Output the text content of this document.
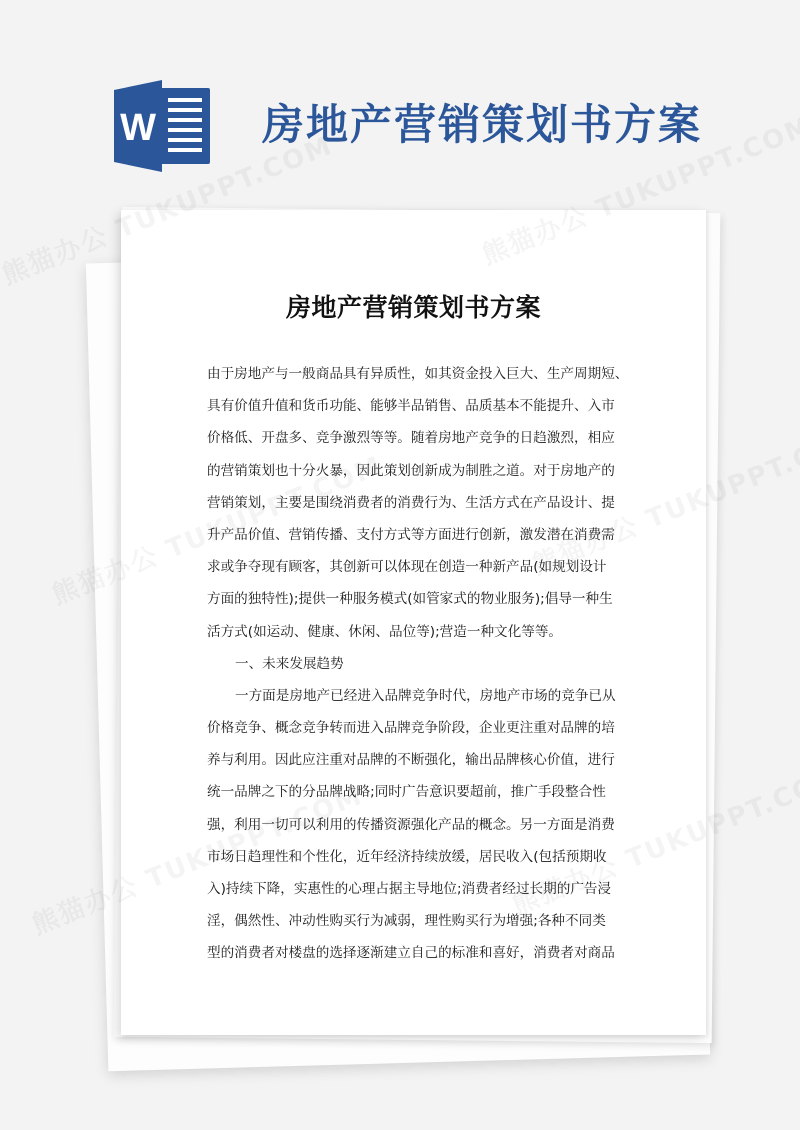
W	房地产营销策划书方案
房地产营销策划书方案
由于房地产与一般商品具有异质性，如其资金投入巨大、生产周期短、
具有价值升值和货币功能、能够半品销售、品质基本不能提升、入市
价格低、开盘多、竞争激烈等等。随着房地产竞争的日趋激烈，相应
的营销策划也十分火暴，因此策划创新成为制胜之道。对于房地产的
营销策划，主要是围绕消费者的消费行为、生活方式在产品设计、提
升产品价值、营销传播、支付方式等方面进行创新，激发潜在消费需
求或争夺现有顾客，其创新可以体现在创造一种新产品(如规划设计
方面的独特性);提供一种服务模式(如管家式的物业服务);倡导一种生
活方式(如运动、健康、休闲、品位等);营造一种文化等等。
一、未来发展趋势
一方面是房地产已经进入品牌竞争时代，房地产市场的竞争已从
价格竞争、概念竞争转而进入品牌竞争阶段，企业更注重对品牌的培
养与利用。因此应注重对品牌的不断强化，输出品牌核心价值，进行
统一品牌之下的分品牌战略;同时广告意识要超前，推广手段整合性
强，利用一切可以利用的传播资源强化产品的概念。另一方面是消费
市场日趋理性和个性化，近年经济持续放缓，居民收入(包括预期收
入)持续下降，实惠性的心理占据主导地位;消费者经过长期的广告浸
淫，偶然性、冲动性购买行为减弱，理性购买行为增强;各种不同类
型的消费者对楼盘的选择逐渐建立自己的标准和喜好，消费者对商品
